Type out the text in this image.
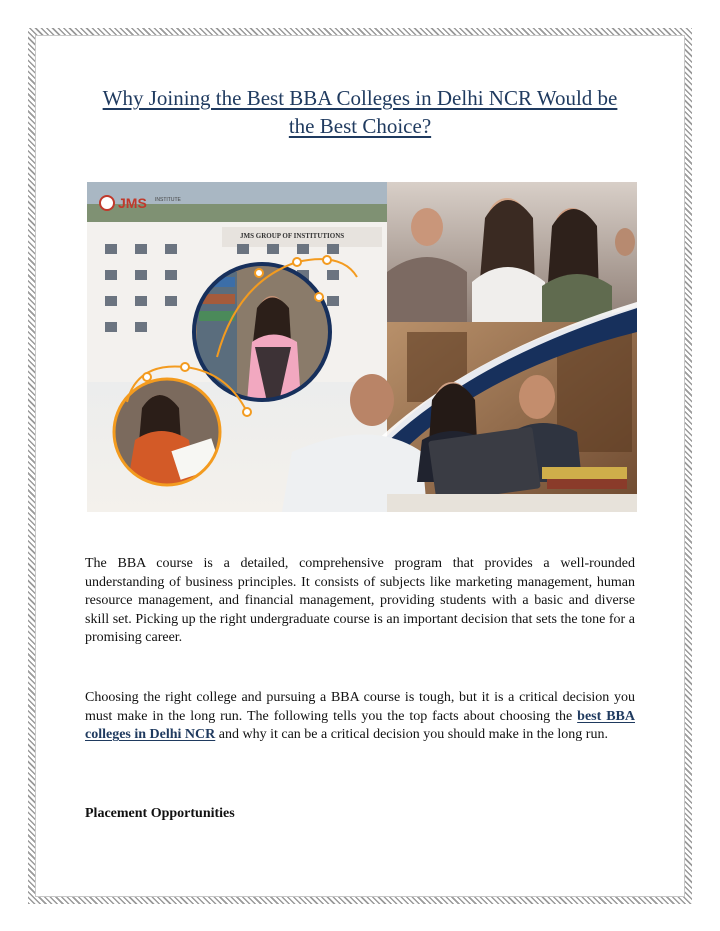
Why Joining the Best BBA Colleges in Delhi NCR Would be the Best Choice?
JMS GROUP OF INSTITUTIONS
JMS INSTITUTE

The BBA course is a detailed, comprehensive program that provides a well-rounded understanding of business principles. It consists of subjects like marketing management, human resource management, and financial management, providing students with a basic and diverse skill set. Picking up the right undergraduate course is an important decision that sets the tone for a promising career.

Choosing the right college and pursuing a BBA course is tough, but it is a critical decision you must make in the long run. The following tells you the top facts about choosing the best BBA colleges in Delhi NCR and why it can be a critical decision you should make in the long run.

Placement Opportunities
